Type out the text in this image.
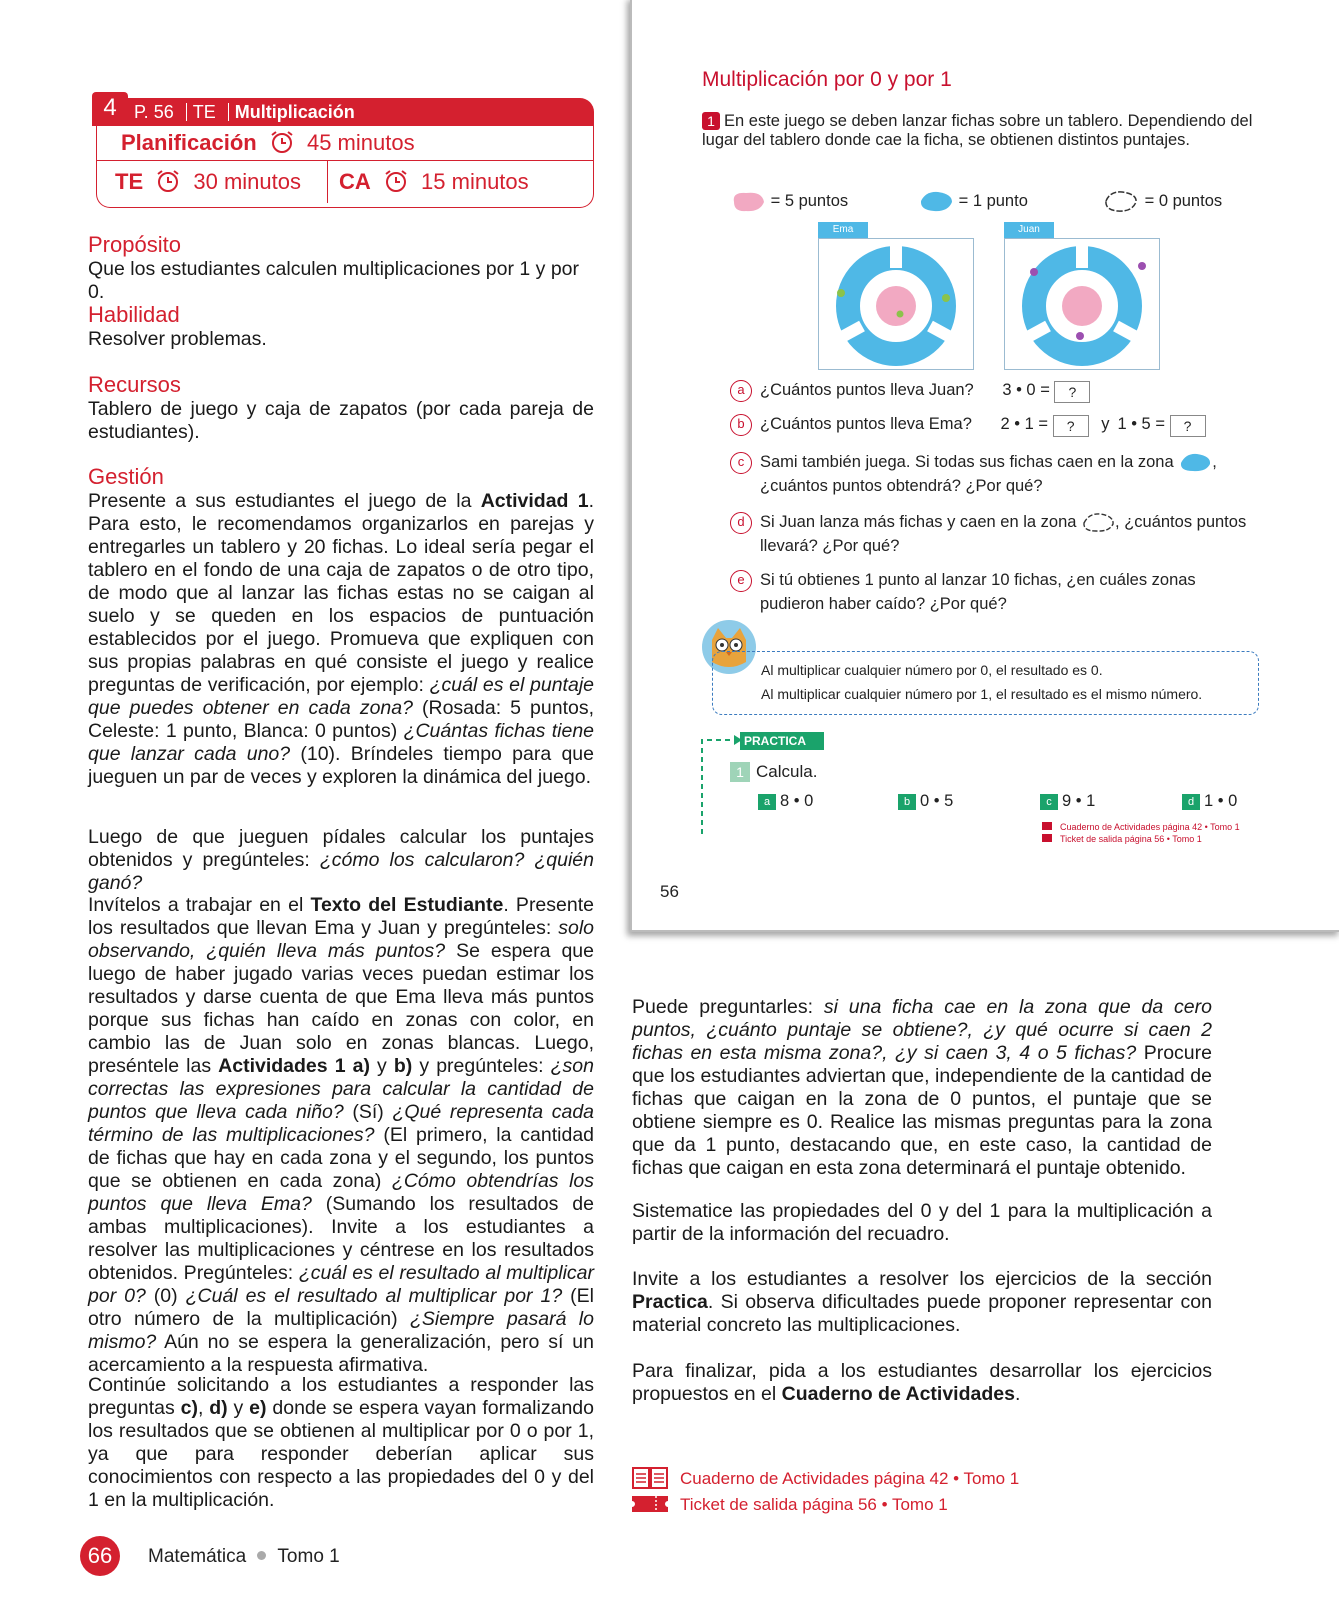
4 P. 56 TE Multiplicación
Planificación 45 minutos
TE 30 minutos CA 15 minutos
Propósito
Que los estudiantes calculen multiplicaciones por 1 y por 0.
Habilidad
Resolver problemas.
Recursos
Tablero de juego y caja de zapatos (por cada pareja de estudiantes).
Gestión
Presente a sus estudiantes el juego de la Actividad 1. Para esto, le recomendamos organizarlos en parejas y entregarles un tablero y 20 fichas. Lo ideal sería pegar el tablero en el fondo de una caja de zapatos o de otro tipo, de modo que al lanzar las fichas estas no se caigan al suelo y se queden en los espacios de puntuación establecidos por el juego. Promueva que expliquen con sus propias palabras en qué consiste el juego y realice preguntas de verificación, por ejemplo: ¿cuál es el puntaje que puedes obtener en cada zona? (Rosada: 5 puntos, Celeste: 1 punto, Blanca: 0 puntos) ¿Cuántas fichas tiene que lanzar cada uno? (10). Bríndeles tiempo para que jueguen un par de veces y exploren la dinámica del juego.
Luego de que jueguen pídales calcular los puntajes obtenidos y pregúnteles: ¿cómo los calcularon? ¿quién ganó?
Invítelos a trabajar en el Texto del Estudiante. Presente los resultados que llevan Ema y Juan y pregúnteles: solo observando, ¿quién lleva más puntos? Se espera que luego de haber jugado varias veces puedan estimar los resultados y darse cuenta de que Ema lleva más puntos porque sus fichas han caído en zonas con color, en cambio las de Juan solo en zonas blancas. Luego, preséntele las Actividades 1 a) y b) y pregúnteles: ¿son correctas las expresiones para calcular la cantidad de puntos que lleva cada niño? (Sí) ¿Qué representa cada término de las multiplicaciones? (El primero, la cantidad de fichas que hay en cada zona y el segundo, los puntos que se obtienen en cada zona) ¿Cómo obtendrías los puntos que lleva Ema? (Sumando los resultados de ambas multiplicaciones). Invite a los estudiantes a resolver las multiplicaciones y céntrese en los resultados obtenidos. Pregúnteles: ¿cuál es el resultado al multiplicar por 0? (0) ¿Cuál es el resultado al multiplicar por 1? (El otro número de la multiplicación) ¿Siempre pasará lo mismo? Aún no se espera la generalización, pero sí un acercamiento a la respuesta afirmativa.
Continúe solicitando a los estudiantes a responder las preguntas c), d) y e) donde se espera vayan formalizando los resultados que se obtienen al multiplicar por 0 o por 1, ya que para responder deberían aplicar sus conocimientos con respecto a las propiedades del 0 y del 1 en la multiplicación.
Multiplicación por 0 y por 1
1 En este juego se deben lanzar fichas sobre un tablero. Dependiendo del lugar del tablero donde cae la ficha, se obtienen distintos puntajes.
= 5 puntos	= 1 punto	= 0 puntos
Ema	Juan
a ¿Cuántos puntos lleva Juan? 3 • 0 = ?
b ¿Cuántos puntos lleva Ema? 2 • 1 = ? y 1 • 5 = ?
c Sami también juega. Si todas sus fichas caen en la zona ,
¿cuántos puntos obtendrá? ¿Por qué?
d Si Juan lanza más fichas y caen en la zona , ¿cuántos puntos
llevará? ¿Por qué?
e Si tú obtienes 1 punto al lanzar 10 fichas, ¿en cuáles zonas
pudieron haber caído? ¿Por qué?
Al multiplicar cualquier número por 0, el resultado es 0.
Al multiplicar cualquier número por 1, el resultado es el mismo número.
PRACTICA
1 Calcula.
a 8 • 0	b 0 • 5	c 9 • 1	d 1 • 0
Cuaderno de Actividades página 42 • Tomo 1
Ticket de salida página 56 • Tomo 1
56
Puede preguntarles: si una ficha cae en la zona que da cero puntos, ¿cuánto puntaje se obtiene?, ¿y qué ocurre si caen 2 fichas en esta misma zona?, ¿y si caen 3, 4 o 5 fichas? Procure que los estudiantes adviertan que, independiente de la cantidad de fichas que caigan en la zona de 0 puntos, el puntaje que se obtiene siempre es 0. Realice las mismas preguntas para la zona que da 1 punto, destacando que, en este caso, la cantidad de fichas que caigan en esta zona determinará el puntaje obtenido.
Sistematice las propiedades del 0 y del 1 para la multiplicación a partir de la información del recuadro.
Invite a los estudiantes a resolver los ejercicios de la sección Practica. Si observa dificultades puede proponer representar con material concreto las multiplicaciones.
Para finalizar, pida a los estudiantes desarrollar los ejercicios propuestos en el Cuaderno de Actividades.
Cuaderno de Actividades página 42 • Tomo 1
Ticket de salida página 56 • Tomo 1
66	Matemática Tomo 1
